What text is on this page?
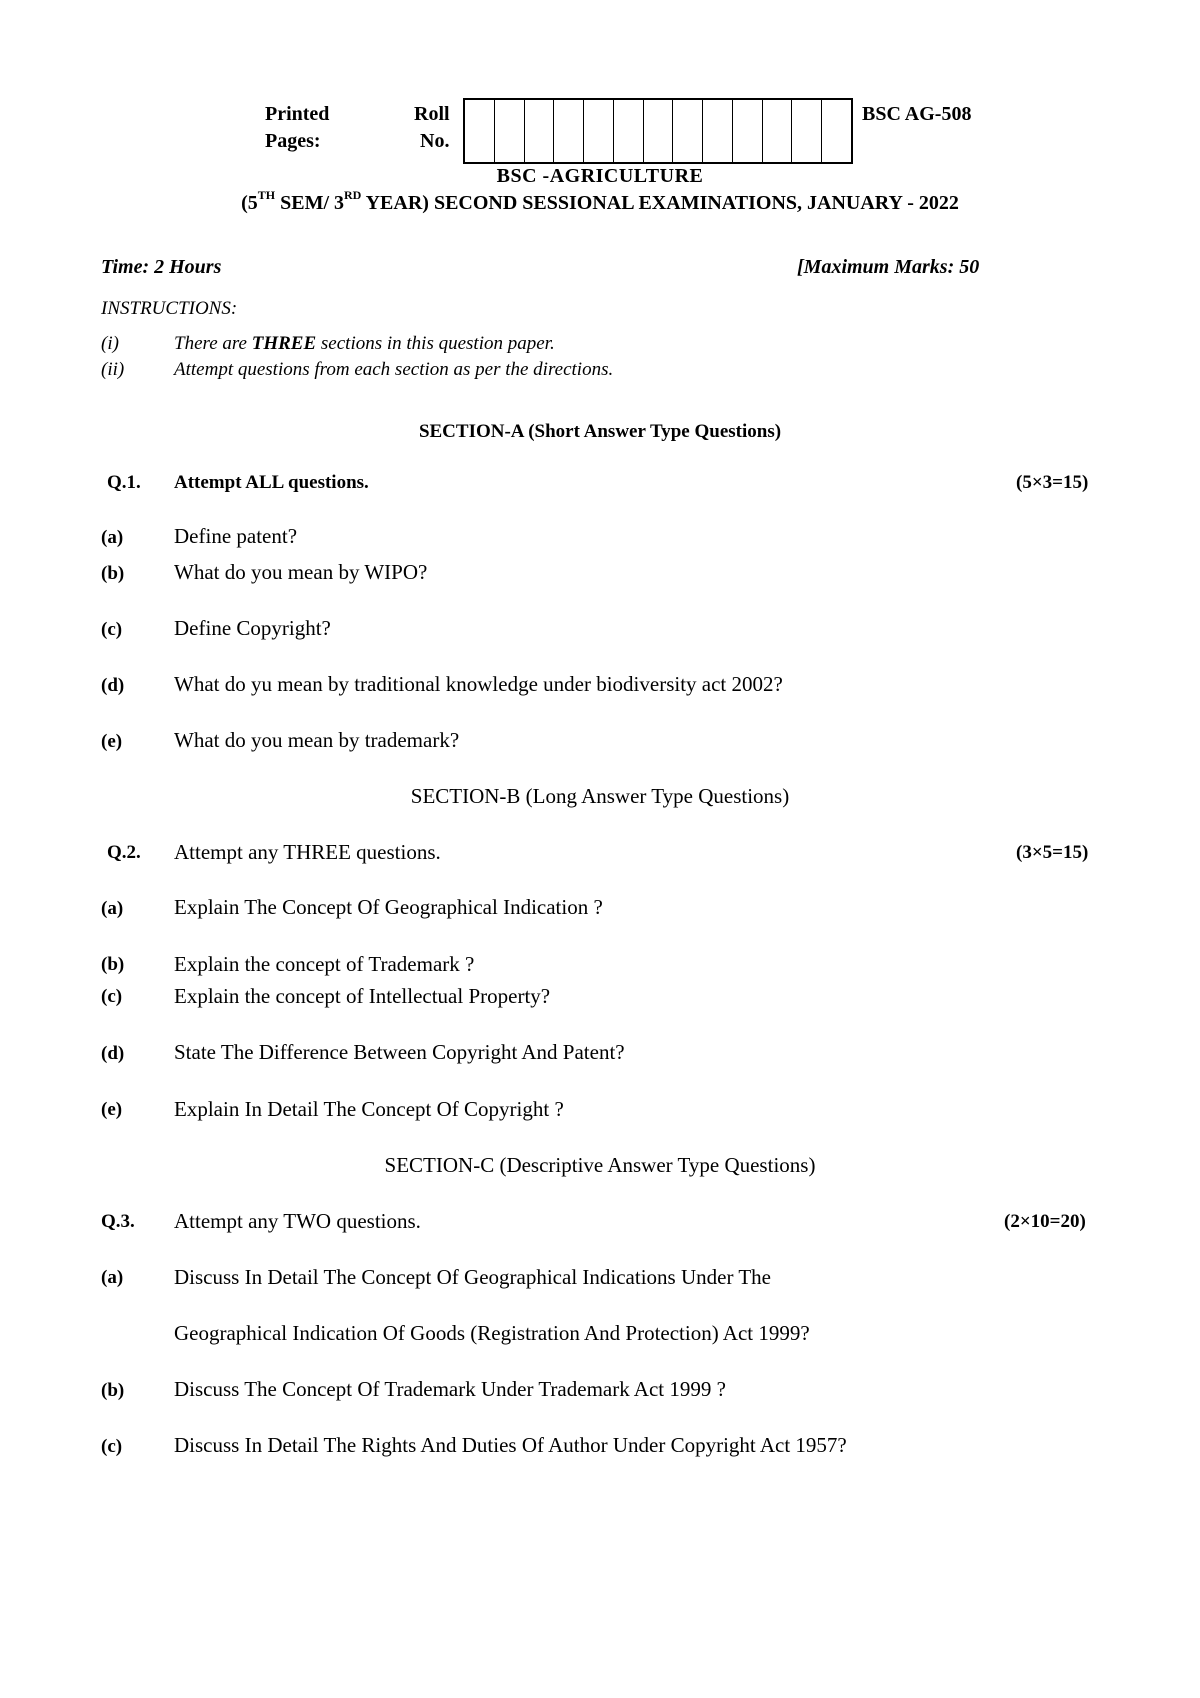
Printed
Pages:
Roll
No.
BSC AG-508
BSC -AGRICULTURE
(5TH SEM/ 3RD YEAR) SECOND SESSIONAL EXAMINATIONS, JANUARY - 2022
Time: 2 Hours	[Maximum Marks: 50
INSTRUCTIONS:
(i)	There are THREE sections in this question paper.
(ii)	Attempt questions from each section as per the directions.
SECTION-A (Short Answer Type Questions)
Q.1. Attempt ALL questions.	(5×3=15)
(a) Define patent?
(b) What do you mean by WIPO?
(c) Define Copyright?
(d) What do yu mean by traditional knowledge under biodiversity act 2002?
(e) What do you mean by trademark?
SECTION-B (Long Answer Type Questions)
Q.2. Attempt any THREE questions.	(3×5=15)
(a) Explain The Concept Of Geographical Indication ?
(b) Explain the concept of Trademark ?
(c) Explain the concept of Intellectual Property?
(d) State The Difference Between Copyright And Patent?
(e) Explain In Detail The Concept Of Copyright ?
SECTION-C (Descriptive Answer Type Questions)
Q.3. Attempt any TWO questions.	(2×10=20)
(a) Discuss In Detail The Concept Of Geographical Indications Under The
Geographical Indication Of Goods (Registration And Protection) Act 1999?
(b) Discuss The Concept Of Trademark Under Trademark Act 1999 ?
(c) Discuss In Detail The Rights And Duties Of Author Under Copyright Act 1957?
